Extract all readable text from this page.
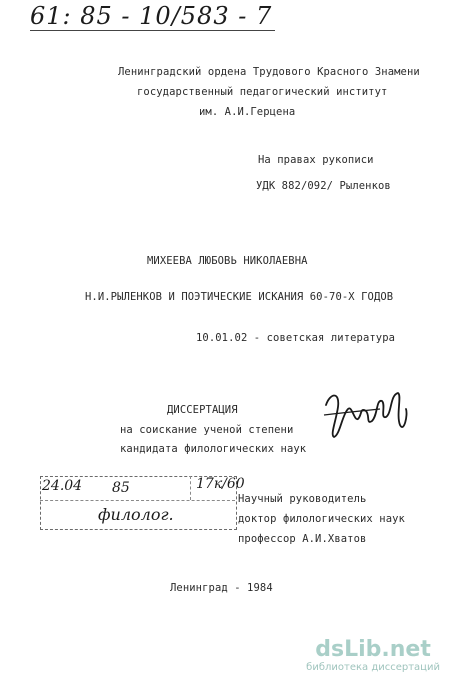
61: 85 - 10/583 - 7
Ленинградский ордена Трудового Красного Знамени
государственный педагогический институт
им. А.И.Герцена
На правах рукописи
УДК 882/092/ Рыленков
МИХЕЕВА ЛЮБОВЬ НИКОЛАЕВНА
Н.И.РЫЛЕНКОВ И ПОЭТИЧЕСКИЕ ИСКАНИЯ 60-70-Х ГОДОВ
10.01.02 - советская литература
ДИССЕРТАЦИЯ
на соискание ученой степени
кандидата филологических наук
24.04 85	17к/60
филолог.
Научный руководитель
доктор филологических наук
профессор А.И.Хватов
Ленинград - 1984
dsLib.net
библиотека диссертаций
